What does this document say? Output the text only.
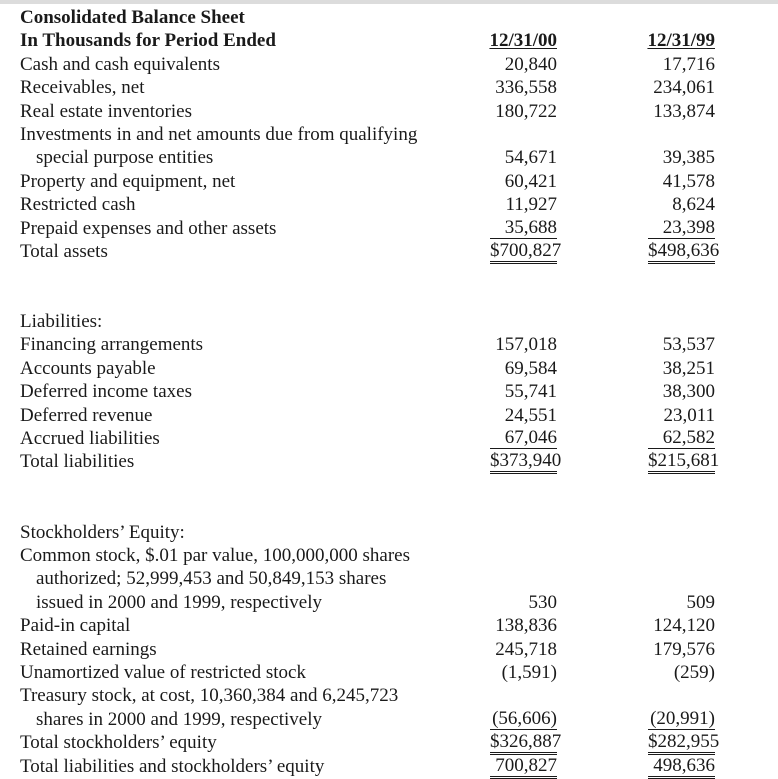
Consolidated Balance Sheet
In Thousands for Period Ended	12/31/00	12/31/99
Cash and cash equivalents	20,840	17,716
Receivables, net	336,558	234,061
Real estate inventories	180,722	133,874
Investments in and net amounts due from qualifying
special purpose entities	54,671	39,385
Property and equipment, net	60,421	41,578
Restricted cash	11,927	8,624
Prepaid expenses and other assets	35,688	23,398
Total assets	$700,827	$498,636
Liabilities:
Financing arrangements	157,018	53,537
Accounts payable	69,584	38,251
Deferred income taxes	55,741	38,300
Deferred revenue	24,551	23,011
Accrued liabilities	67,046	62,582
Total liabilities	$373,940	$215,681
Stockholders’ Equity:
Common stock, $.01 par value, 100,000,000 shares
authorized; 52,999,453 and 50,849,153 shares
issued in 2000 and 1999, respectively	530	509
Paid-in capital	138,836	124,120
Retained earnings	245,718	179,576
Unamortized value of restricted stock	(1,591)	(259)
Treasury stock, at cost, 10,360,384 and 6,245,723
shares in 2000 and 1999, respectively	(56,606)	(20,991)
Total stockholders’ equity	$326,887	$282,955
Total liabilities and stockholders’ equity	700,827	498,636
